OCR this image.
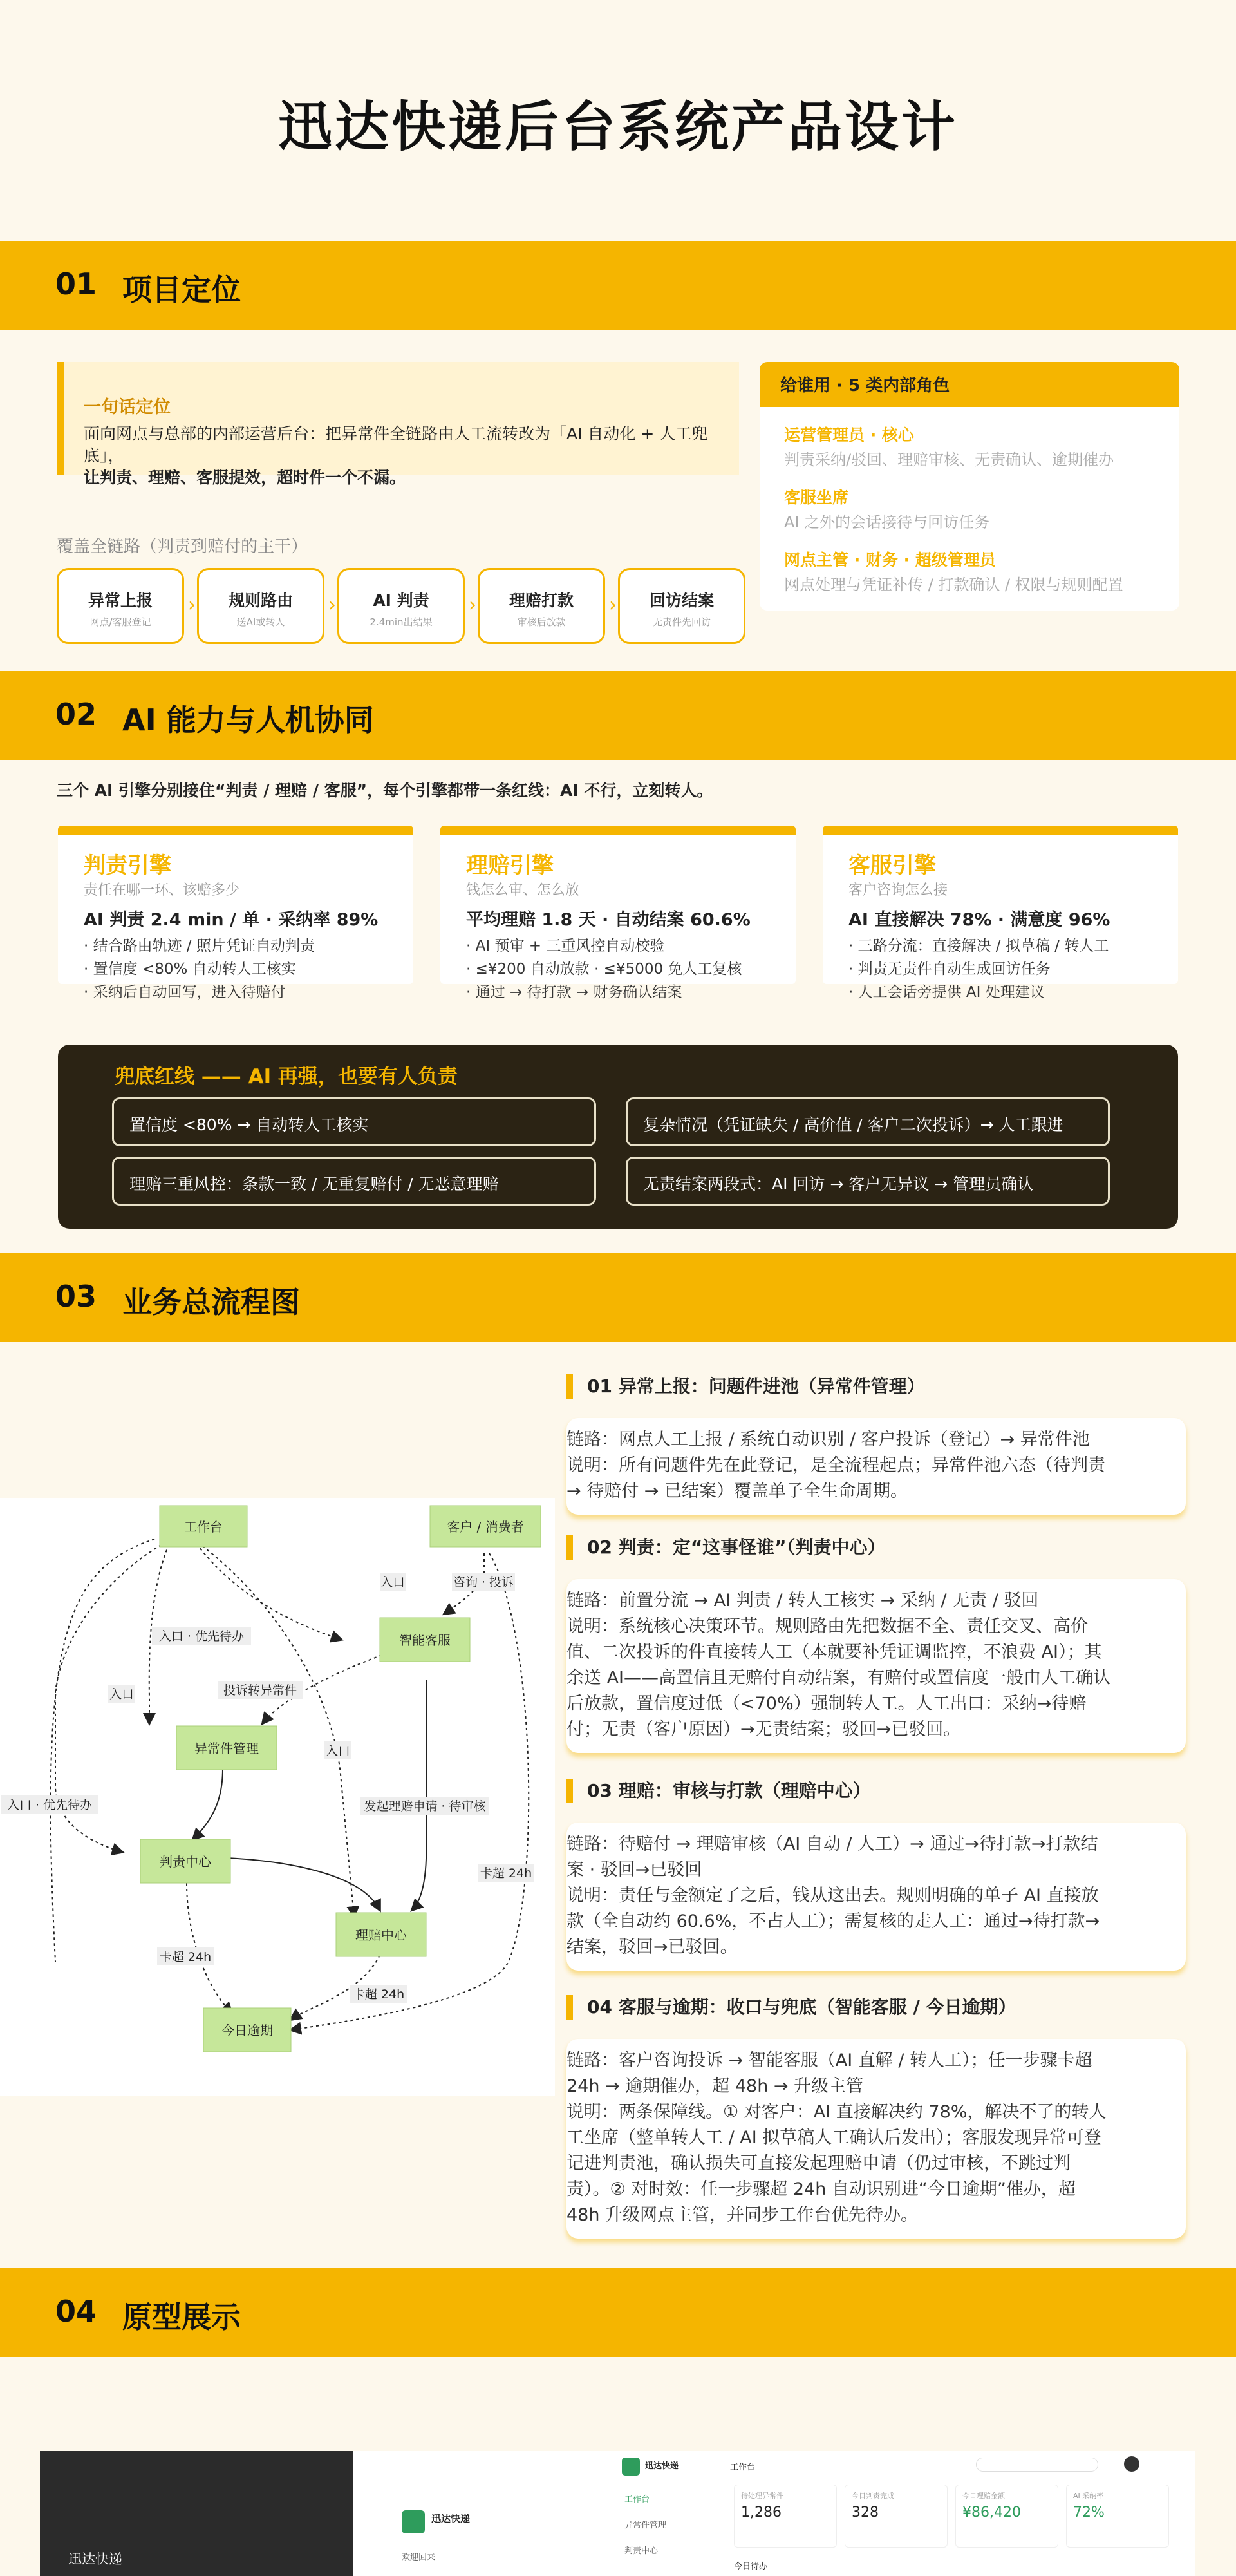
迅达快递后台系统产品设计
01 项目定位
一句话定位
面向网点与总部的内部运营后台：把异常件全链路由人工流转改为「AI 自动化 + 人工兜底」，
让判责、理赔、客服提效，超时件一个不漏。
覆盖全链路（判责到赔付的主干）
异常上报
网点/客服登记
›	规则路由
送AI或转人
›	AI 判责
2.4min出结果
›	理赔打款
审核后放款
›	回访结案
无责件先回访
给谁用 · 5 类内部角色
运营管理员 · 核心
判责采纳/驳回、理赔审核、无责确认、逾期催办
客服坐席
AI 之外的会话接待与回访任务
网点主管 · 财务 · 超级管理员
网点处理与凭证补传 / 打款确认 / 权限与规则配置
02 AI 能力与人机协同
三个 AI 引擎分别接住“判责 / 理赔 / 客服”，每个引擎都带一条红线：AI 不行，立刻转人。
判责引擎
责任在哪一环、该赔多少
AI 判责 2.4 min / 单 · 采纳率 89%
· 结合路由轨迹 / 照片凭证自动判责
· 置信度 <80% 自动转人工核实
· 采纳后自动回写，进入待赔付
理赔引擎
钱怎么审、怎么放
平均理赔 1.8 天 · 自动结案 60.6%
· AI 预审 + 三重风控自动校验
· ≤¥200 自动放款 · ≤¥5000 免人工复核
· 通过 → 待打款 → 财务确认结案
客服引擎
客户咨询怎么接
AI 直接解决 78% · 满意度 96%
· 三路分流：直接解决 / 拟草稿 / 转人工
· 判责无责件自动生成回访任务
· 人工会话旁提供 AI 处理建议
兜底红线 —— AI 再强，也要有人负责
置信度 <80% → 自动转人工核实	复杂情况（凭证缺失 / 高价值 / 客户二次投诉）→ 人工跟进
理赔三重风控：条款一致 / 无重复赔付 / 无恶意理赔	无责结案两段式：AI 回访 → 客户无异议 → 管理员确认
03 业务总流程图
工作台	客户 / 消费者
智能客服
异常件管理
判责中心
理赔中心
今日逾期
入口 · 优先待办
入口	咨询 · 投诉
入口	投诉转异常件
入口
入口 · 优先待办	发起理赔申请 · 待审核
卡超 24h
卡超 24h
卡超 24h
01 异常上报：问题件进池（异常件管理）

链路：网点人工上报 / 系统自动识别 / 客户投诉（登记）→ 异常件池

说明：所有问题件先在此登记，是全流程起点；异常件池六态（待判责

→ 待赔付 → 已结案）覆盖单子全生命周期。

02 判责：定“这事怪谁”（判责中心）

链路：前置分流 → AI 判责 / 转人工核实 → 采纳 / 无责 / 驳回

说明：系统核心决策环节。规则路由先把数据不全、责任交叉、高价

值、二次投诉的件直接转人工（本就要补凭证调监控，不浪费 AI）；其

余送 AI——高置信且无赔付自动结案，有赔付或置信度一般由人工确认

后放款，置信度过低（<70%）强制转人工。人工出口：采纳→待赔

付；无责（客户原因）→无责结案；驳回→已驳回。

03 理赔：审核与打款（理赔中心）

链路：待赔付 → 理赔审核（AI 自动 / 人工）→ 通过→待打款→打款结

案 · 驳回→已驳回

说明：责任与金额定了之后，钱从这出去。规则明确的单子 AI 直接放

款（全自动约 60.6%，不占人工）；需复核的走人工：通过→待打款→

结案，驳回→已驳回。

04 客服与逾期：收口与兜底（智能客服 / 今日逾期）

链路：客户咨询投诉 → 智能客服（AI 直解 / 转人工）；任一步骤卡超

24h → 逾期催办，超 48h → 升级主管

说明：两条保障线。① 对客户：AI 直接解决约 78%，解决不了的转人

工坐席（整单转人工 / AI 拟草稿人工确认后发出）；客服发现异常可登

记进判责池，确认损失可直接发起理赔申请（仍过审核，不跳过判

责）。② 对时效：任一步骤超 24h 自动识别进“今日逾期”催办，超

48h 升级网点主管，并同步工作台优先待办。

04 原型展示
迅达快递
迅达快递
欢迎回来
迅达快递	工作台
工作台
异常件管理
判责中心
待处理异常件
1,286
今日判责完成
328
今日理赔金额
¥86,420
AI 采纳率
72%
今日待办
